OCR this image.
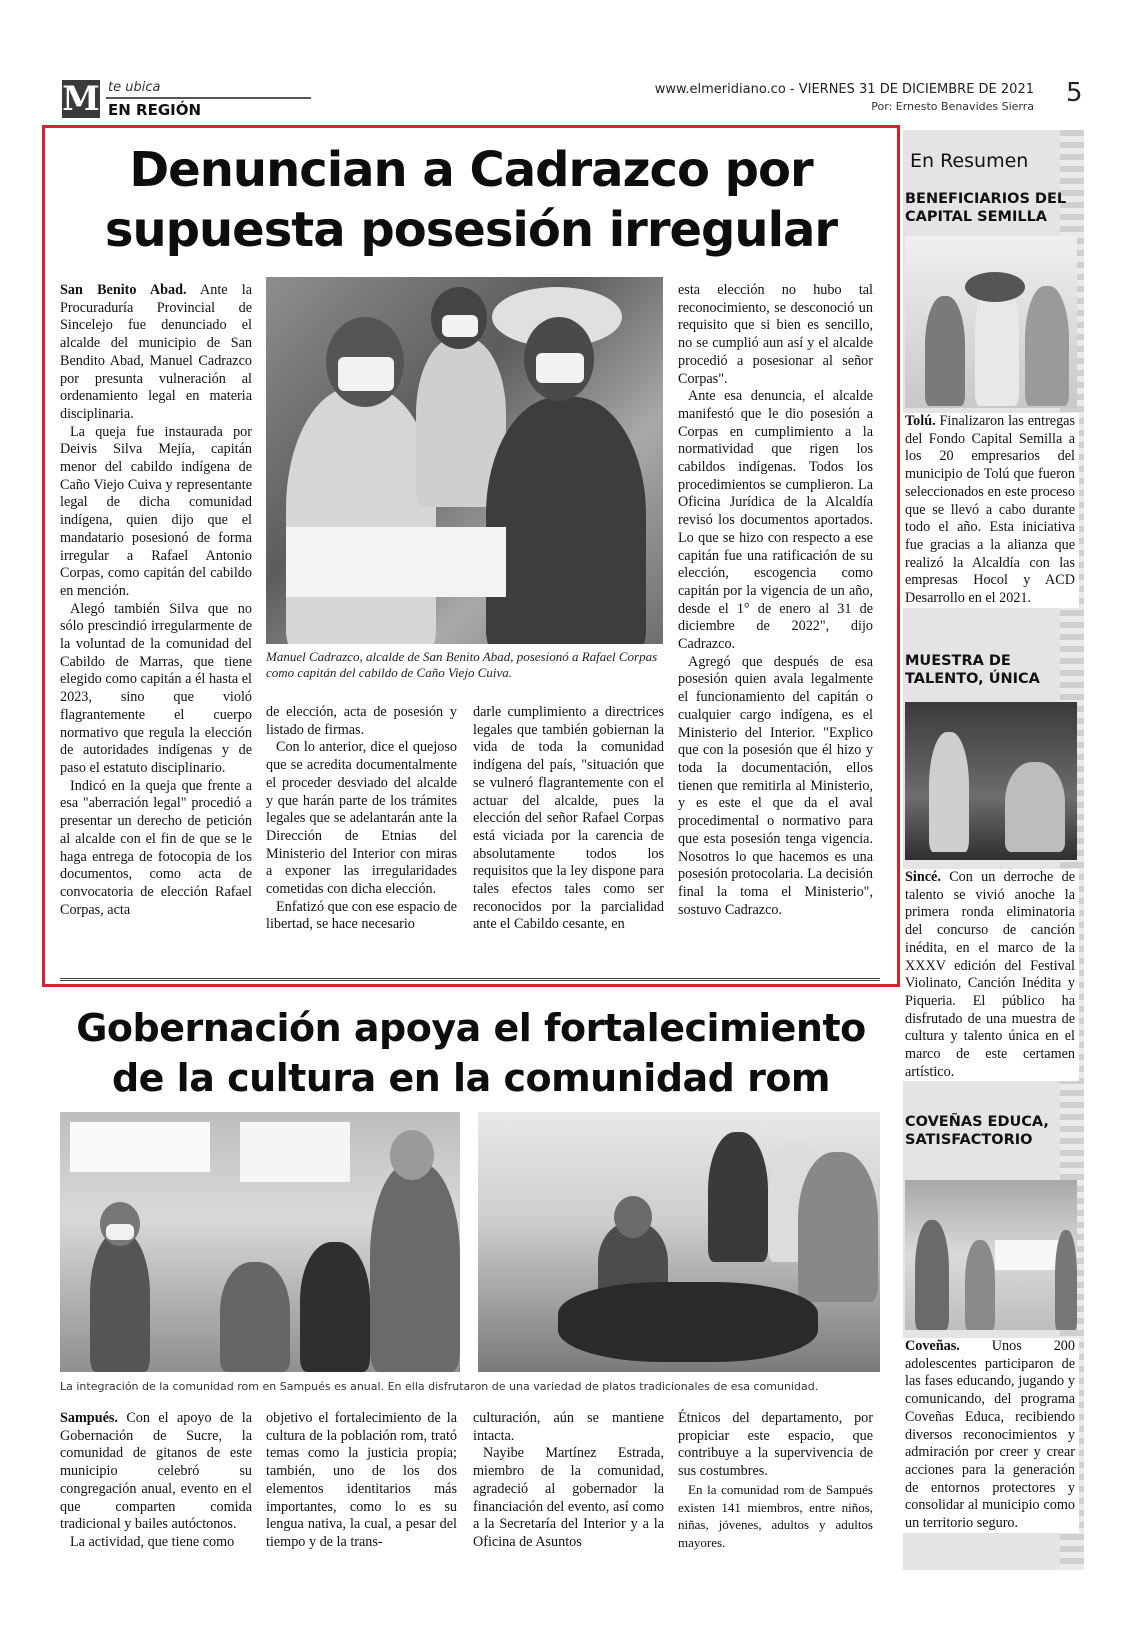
M te ubica
EN REGIÓN
www.elmeridiano.co - VIERNES 31 DE DICIEMBRE DE 2021
Por: Ernesto Benavides Sierra 5
Denuncian a Cadrazco por
supuesta posesión irregular

San Benito Abad. Ante la Procuraduría Provincial de Sincelejo fue denunciado el alcalde del municipio de San Bendito Abad, Manuel Cadrazco por presunta vulneración al ordenamiento legal en materia disciplinaria.

La queja fue instaurada por Deivis Silva Mejía, capitán menor del cabildo indígena de Caño Viejo Cuiva y representante legal de dicha comunidad indígena, quien dijo que el mandatario posesionó de forma irregular a Rafael Antonio Corpas, como capitán del cabildo en mención.

Alegó también Silva que no sólo prescindió irregularmente de la voluntad de la comunidad del Cabildo de Marras, que tiene elegido como capitán a él hasta el 2023, sino que violó flagrantemente el cuerpo normativo que regula la elección de autoridades indígenas y de paso el estatuto disciplinario.

Indicó en la queja que frente a esa "aberración legal" procedió a presentar un derecho de petición al alcalde con el fin de que se le haga entrega de fotocopia de los documentos, como acta de convocatoria de elección Rafael Corpas, acta

Manuel Cadrazco, alcalde de San Benito Abad, posesionó a Rafael Corpas como capitán del cabildo de Caño Viejo Cuiva.

de elección, acta de posesión y listado de firmas.

Con lo anterior, dice el quejoso que se acredita documentalmente el proceder desviado del alcalde y que harán parte de los trámites legales que se adelantarán ante la Dirección de Etnias del Ministerio del Interior con miras a exponer las irregularidades cometidas con dicha elección.

Enfatizó que con ese espacio de libertad, se hace necesario

darle cumplimiento a directrices legales que también gobiernan la vida de toda la comunidad indígena del país, "situación que se vulneró flagrantemente con el actuar del alcalde, pues la elección del señor Rafael Corpas está viciada por la carencia de absolutamente todos los requisitos que la ley dispone para tales efectos tales como ser reconocidos por la parcialidad ante el Cabildo cesante, en

esta elección no hubo tal reconocimiento, se desconoció un requisito que si bien es sencillo, no se cumplió aun así y el alcalde procedió a posesionar al señor Corpas".

Ante esa denuncia, el alcalde manifestó que le dio posesión a Corpas en cumplimiento a la normatividad que rigen los cabildos indígenas. Todos los procedimientos se cumplieron. La Oficina Jurídica de la Alcaldía revisó los documentos aportados. Lo que se hizo con respecto a ese capitán fue una ratificación de su elección, escogencia como capitán por la vigencia de un año, desde el 1° de enero al 31 de diciembre de 2022", dijo Cadrazco.

Agregó que después de esa posesión quien avala legalmente el funcionamiento del capitán o cualquier cargo indígena, es el Ministerio del Interior. "Explico que con la posesión que él hizo y toda la documentación, ellos tienen que remitirla al Ministerio, y es este el que da el aval procedimental o normativo para que esta posesión tenga vigencia. Nosotros lo que hacemos es una posesión protocolaria. La decisión final la toma el Ministerio", sostuvo Cadrazco.

Gobernación apoya el fortalecimiento
de la cultura en la comunidad rom
La integración de la comunidad rom en Sampués es anual. En ella disfrutaron de una variedad de platos tradicionales de esa comunidad.

Sampués. Con el apoyo de la Gobernación de Sucre, la comunidad de gitanos de este municipio celebró su congregación anual, evento en el que comparten comida tradicional y bailes autóctonos.

La actividad, que tiene como

objetivo el fortalecimiento de la cultura de la población rom, trató temas como la justicia propia; también, uno de los dos elementos identitarios más importantes, como lo es su lengua nativa, la cual, a pesar del tiempo y de la trans-

culturación, aún se mantiene intacta.

Nayibe Martínez Estrada, miembro de la comunidad, agradeció al gobernador la financiación del evento, así como a la Secretaría del Interior y a la Oficina de Asuntos

Étnicos del departamento, por propiciar este espacio, que contribuye a la supervivencia de sus costumbres.

En la comunidad rom de Sampués existen 141 miembros, entre niños, niñas, jóvenes, adultos y adultos mayores.

En Resumen
BENEFICIARIOS DEL CAPITAL SEMILLA
Tolú. Finalizaron las entregas del Fondo Capital Semilla a los 20 empresarios del municipio de Tolú que fueron seleccionados en este proceso que se llevó a cabo durante todo el año. Esta iniciativa fue gracias a la alianza que realizó la Alcaldía con las empresas Hocol y ACD Desarrollo en el 2021.
MUESTRA DE TALENTO, ÚNICA
Sincé. Con un derroche de talento se vivió anoche la primera ronda eliminatoria del concurso de canción inédita, en el marco de la XXXV edición del Festival Violinato, Canción Inédita y Piqueria. El público ha disfrutado de una muestra de cultura y talento única en el marco de este certamen artístico.
COVEÑAS EDUCA, SATISFACTORIO
Coveñas. Unos 200 adolescentes participaron de las fases educando, jugando y comunicando, del programa Coveñas Educa, recibiendo diversos reconocimientos y admiración por creer y crear acciones para la generación de entornos protectores y consolidar al municipio como un territorio seguro.
